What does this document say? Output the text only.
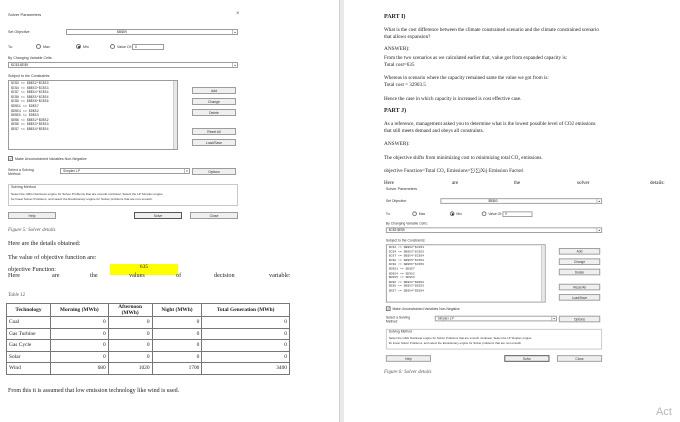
Solver Parameters	×
Set Objective:	$B$59	▴
To:	Max	Min	Value Of: 0
By Changing Variable Cells:
$C$3:$E$9	▴
Subject to the Constraints:
$C$3 <= $B$52*$C$53
$C$4 <= $B$53*$C$53
$C$7 <= $B$54*$C$54
$C$8 <= $B$55*$C$54
$C$9 <= $B$56*$C$56
$D$51 <= $D$57
$D$54 <= $D$52
$D$55 <= $D$53
$D$6 <= $B$52*$D$52
$E$6 <= $B$53*$E$53
$E$7 <= $B$54*$E$54
Add
Change
Delete
Reset All
Load/Save
✓ Make Unconstrained Variables Non-Negative
Select a Solving Method:
Simplex LP	▾	Options
Solving Method
Select the GRG Nonlinear engine for Solver Problems that are smooth nonlinear. Select the LP Simplex engine
for linear Solver Problems, and select the Evolutionary engine for Solver problems that are non-smooth.
Help	Solve	Close
Figure 5: Solver details
Here are the details obtained:
The value of objective function are:
objective Function:	635
Here	are	the	values	of	decision	variable:
Table 12
Technology	Morning (MWh)	Afternoon (MWh)	Night (MWh)	Total Generation (MWh)
Coal	0	0	0	0
Gas Turbine	0	0	0	0
Gas Cycle	0	0	0	0
Solar	0	0	0	0
Wind	680	1020	1700	3400
From this it is assumed that low emission technology like wind is used.
PART I)
What is the cost difference between the climate constrained scenario and the climate constrained scenario
that allows expansion?
ANSWER):
From the two scenarios as we calculated earlier that, value got from expanded capacity is:
Total cost=635
Whereas in scenario where the capacity remained same the value we got from is:
Total cost = 32903.5
Hence the case in which capacity is increased is cost effective case.
PART J)
As a reference, management asked you to determine what is the lowest possible level of CO2 emissions
that still meets demand and obeys all constraints.
ANSWER):
The objective shifts from minimizing cost to minimizing total CO₂ emissions.
objective Function=Total CO₂ Emissions=∑i∑jXij·Emission Factori
Here	are	the	solver	details:
Solver Parameters
Set Objective:	$B$60	▴
To:	Max	Min	Value Of: 0
By Changing Variable Cells:
$C$3:$E$9	▴
Subject to the Constraints:
$C$3 <= $B$52*$C$53
$C$4 <= $B$53*$C$53
$C$7 <= $B$54*$C$54
$C$8 <= $B$55*$C$54
$C$9 <= $B$56*$C$56
$D$51 <= $D$57
$D$54 <= $D$52
$D$55 <= $D$53
$D$6 <= $B$52*$D$52
$E$6 <= $B$53*$E$53
$E$7 <= $B$54*$E$54
Add
Change
Delete
Reset All
Load/Save
✓ Make Unconstrained Variables Non-Negative
Select a Solving Method:
Simplex LP	▾	Options
Solving Method
Select the GRG Nonlinear engine for Solver Problems that are smooth nonlinear. Select the LP Simplex engine
for linear Solver Problems, and select the Evolutionary engine for Solver problems that are non-smooth.
Help	Solve	Close
Figure 6: Solver details
Act
